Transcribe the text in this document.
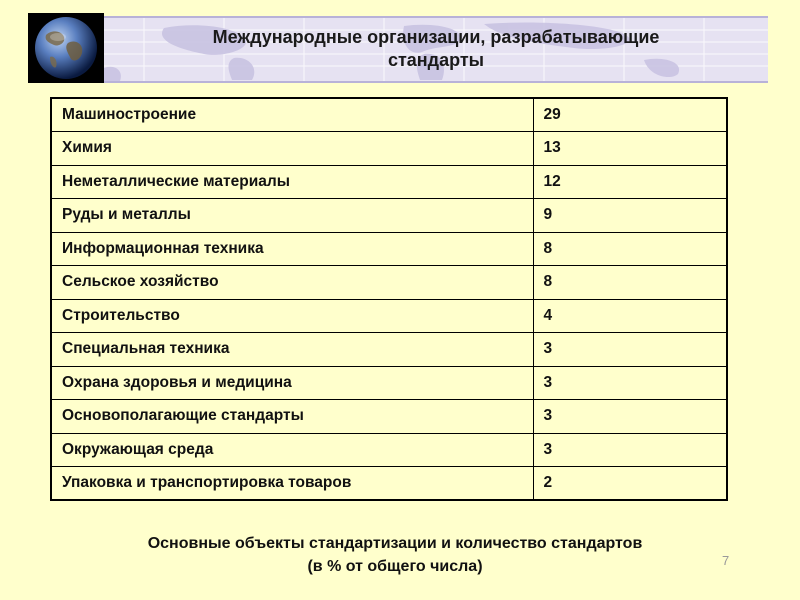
Международные организации, разрабатывающие
стандарты
Машиностроение	29
Химия	13
Неметаллические материалы	12
Руды и металлы	9
Информационная техника	8
Сельское хозяйство	8
Строительство	4
Специальная техника	3
Охрана здоровья и медицина	3
Основополагающие стандарты	3
Окружающая среда	3
Упаковка и транспортировка товаров	2
Основные объекты стандартизации и количество стандартов
(в % от общего числа)	7
